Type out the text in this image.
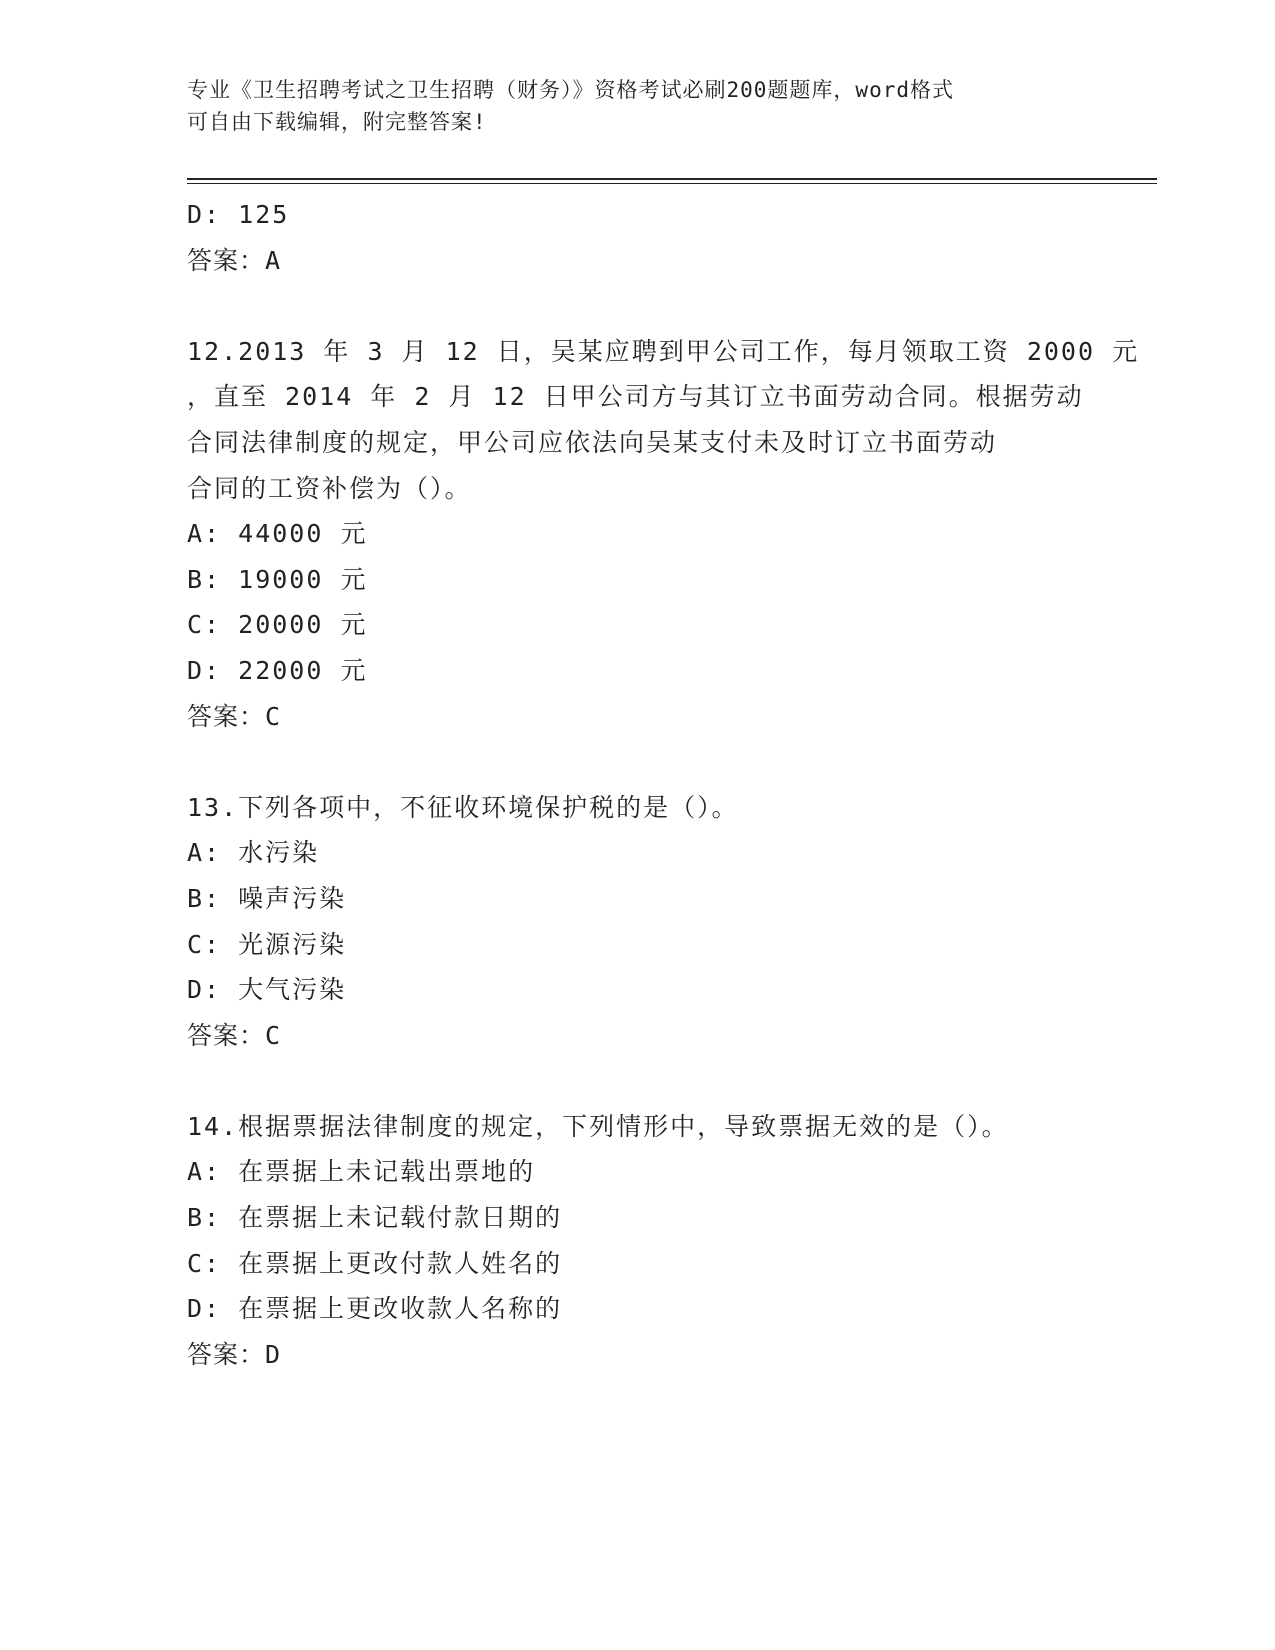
专业《卫生招聘考试之卫生招聘（财务）》资格考试必刷200题题库，word格式
可自由下载编辑，附完整答案!
D: 125
答案：A
12.2013 年 3 月 12 日，吴某应聘到甲公司工作，每月领取工资 2000 元
，直至 2014 年 2 月 12 日甲公司方与其订立书面劳动合同。根据劳动
合同法律制度的规定，甲公司应依法向吴某支付未及时订立书面劳动
合同的工资补偿为（）。
A: 44000 元
B: 19000 元
C: 20000 元
D: 22000 元
答案：C
13.下列各项中，不征收环境保护税的是（）。
A: 水污染
B: 噪声污染
C: 光源污染
D: 大气污染
答案：C
14.根据票据法律制度的规定，下列情形中，导致票据无效的是（）。
A: 在票据上未记载出票地的
B: 在票据上未记载付款日期的
C: 在票据上更改付款人姓名的
D: 在票据上更改收款人名称的
答案：D
